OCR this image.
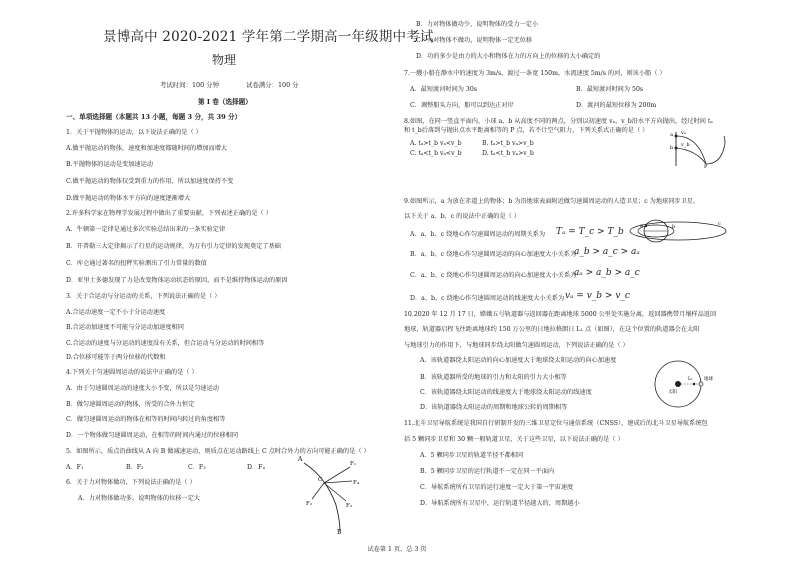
景博高中 2020-2021 学年第二学期高一年级期中考试
物理
考试时间：100 分钟	试卷满分：100 分
第 I 卷（选择题）
一、单项选择题（本题共 13 小题，每题 3 分，共 39 分）
1．关于平抛物体的运动，以下说法正确的是（ ）
A.做平抛运动的物体，速度和加速度都随时间的增加而增大
B.平抛物体的运动是变加速运动
C.做平抛运动的物体仅受到重力的作用，所以加速度保持不变
D.做平抛运动的物体水平方向的速度逐渐增大
2.许多科学家在物理学发展过程中做出了重要贡献，下列表述正确的是（ ）
A．牛顿第一定律是通过多次实验总结出来的一条实验定律
B．开普勒三大定律揭示了行星的运动规律，为万有引力定律的发现奠定了基础
C．库仑通过著名的扭秤实验测出了引力常量的数值
D．亚里士多德发现了力是改变物体运动状态的原因，而不是维持物体运动的原因
3．关于合运动与分运动的关系，下列说法正确的是（ ）
A.合运动速度一定不小于分运动速度
B.合运动加速度不可能与分运动加速度相同
C.合运动的速度与分运动的速度没有关系，但合运动与分运动的时间相等
D.合位移可能等于两分位移的代数和
4.下列关于匀速圆周运动的说法中正确的是（ ）
A．由于匀速圆周运动的速度大小不变，所以是匀速运动
B．做匀速圆周运动的物体，所受的合外力恒定
C．做匀速圆周运动的物体在相等的时间内转过的角度相等
D．一个物体做匀速圆周运动，在相等的时间内通过的位移相同
5．如图所示，质点沿曲线从 A 向 B 做减速运动，则质点在运动路线上 C 点时合外力的方向可能正确的是（ ）
A．F₁	B．F₂	C．F₃	D．F₄
6．关于力对物体做功，下列说法正确的是（ ）
A．力对物体做功多，说明物体的位移一定大
A
B
C
F₁
F₂	F₃
F₄
B．力对物体做功少，说明物体的受力一定小
C．力对物体不做功，说明物体一定无位移
D．功的多少是由力的大小和物体在力的方向上的位移的大小确定的
7.一艘小船在静水中的速度为 3m/s，渡过一条宽 150m，水流速度 5m/s 的河，则该小船（ ）
A．最短渡河时间为 30s	B．最短渡河时间为 50s
C．调整船头方向，船可以到达正对岸	D．渡河的最短位移为 200m
8.如图，在同一竖直平面内，小球 a、b 从高度不同的两点，分别以初速度 vₐ、v_b沿水平方向抛出，经过时间 tₐ
和 t_b后落到与抛出点水平距离相等的 P 点，若不计空气阻力，下列关系式正确的是（ ）
A. tₐ>t_b vₐ<v_b	B. tₐ>t_b vₐ>v_b
C. tₐ<t_b vₐ<v_b	D. tₐ<t_b vₐ>v_b
a
b
vₐ
v_b
P
9.如图所示，a 为放在赤道上的物体；b 为沿地球表面附近做匀速圆周运动的人造卫星；c 为地球同步卫星，
以下关于 a、b、c 的说法中正确的是（ ）
A．a、b、c 绕地心作匀速圆周运动的周期关系为 Tₐ = T_c > T_b
B．a、b、c 绕地心作匀速圆周运动的向心加速度大小关系为
a_b > a_c > aₐ
C．a、b、c 绕地心作匀速圆周运动的向心加速度大小关系为
aₐ > a_b > a_c
D．a、b、c 绕地心作匀速圆周运动的线速度大小关系为 vₐ = v_b > v_c
a	b	c
10.2020 年 12 月 17 日，嫦娥五号轨道器与返回器在距离地球 5000 公里处实施分离，返回器携带月壤样品返回
地球，轨道器启程飞往距离地球约 150 万公里的日地拉格朗日 L₁ 点（如图），在这个位置的轨道器会在太阳
与地球引力的作用下，与地球同步绕太阳做匀速圆周运动，下列说法正确的是（ ）
A．该轨道器绕太阳运动的向心加速度大于地球绕太阳运动的向心加速度
B．该轨道器所受的地球的引力和太阳的引力大小相等
C．该轨道器绕太阳运动的线速度大于地球绕太阳运动的线速度
D．该轨道器绕太阳运动的周期和地球公转的周期相等
太阳
L₁ 地球
11.北斗卫星导航系统是我国自行研制开发的三维卫星定位与通信系统（CNSS），建成后的北斗卫星导航系统包
括 5 颗同步卫星和 30 颗一般轨道卫星，关于这些卫星，以下说法正确的是（ ）
A．5 颗同步卫星的轨道半径不都相同
B．5 颗同步卫星的运行轨道不一定在同一平面内
C．导航系统所有卫星的运行速度一定大于第一宇宙速度
D．导航系统所有卫星中，运行轨道半径越大的，周期越小
试卷第 1 页，总 3 页
